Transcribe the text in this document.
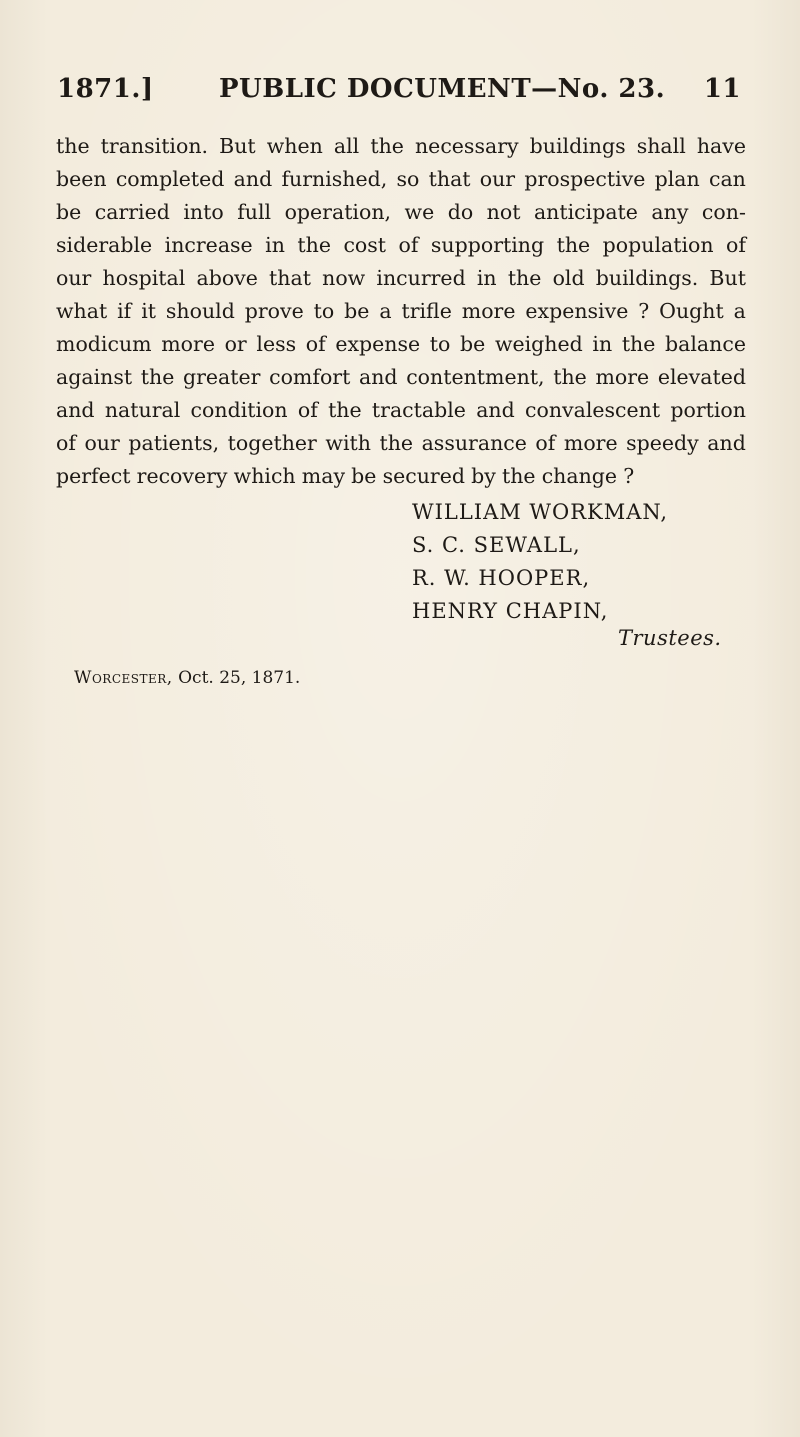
1871.]	PUBLIC DOCUMENT—No. 23. 11
the transition. But when all the necessary buildings shall have
been completed and furnished, so that our prospective plan can
be carried into full operation, we do not anticipate any con-
siderable increase in the cost of supporting the population of
our hospital above that now incurred in the old buildings. But
what if it should prove to be a trifle more expensive ? Ought a
modicum more or less of expense to be weighed in the balance
against the greater comfort and contentment, the more elevated
and natural condition of the tractable and convalescent portion
of our patients, together with the assurance of more speedy and
perfect recovery which may be secured by the change ?
WILLIAM WORKMAN,
S. C. SEWALL,
R. W. HOOPER,
HENRY CHAPIN,
Trustees.
Worcester, Oct. 25, 1871.
